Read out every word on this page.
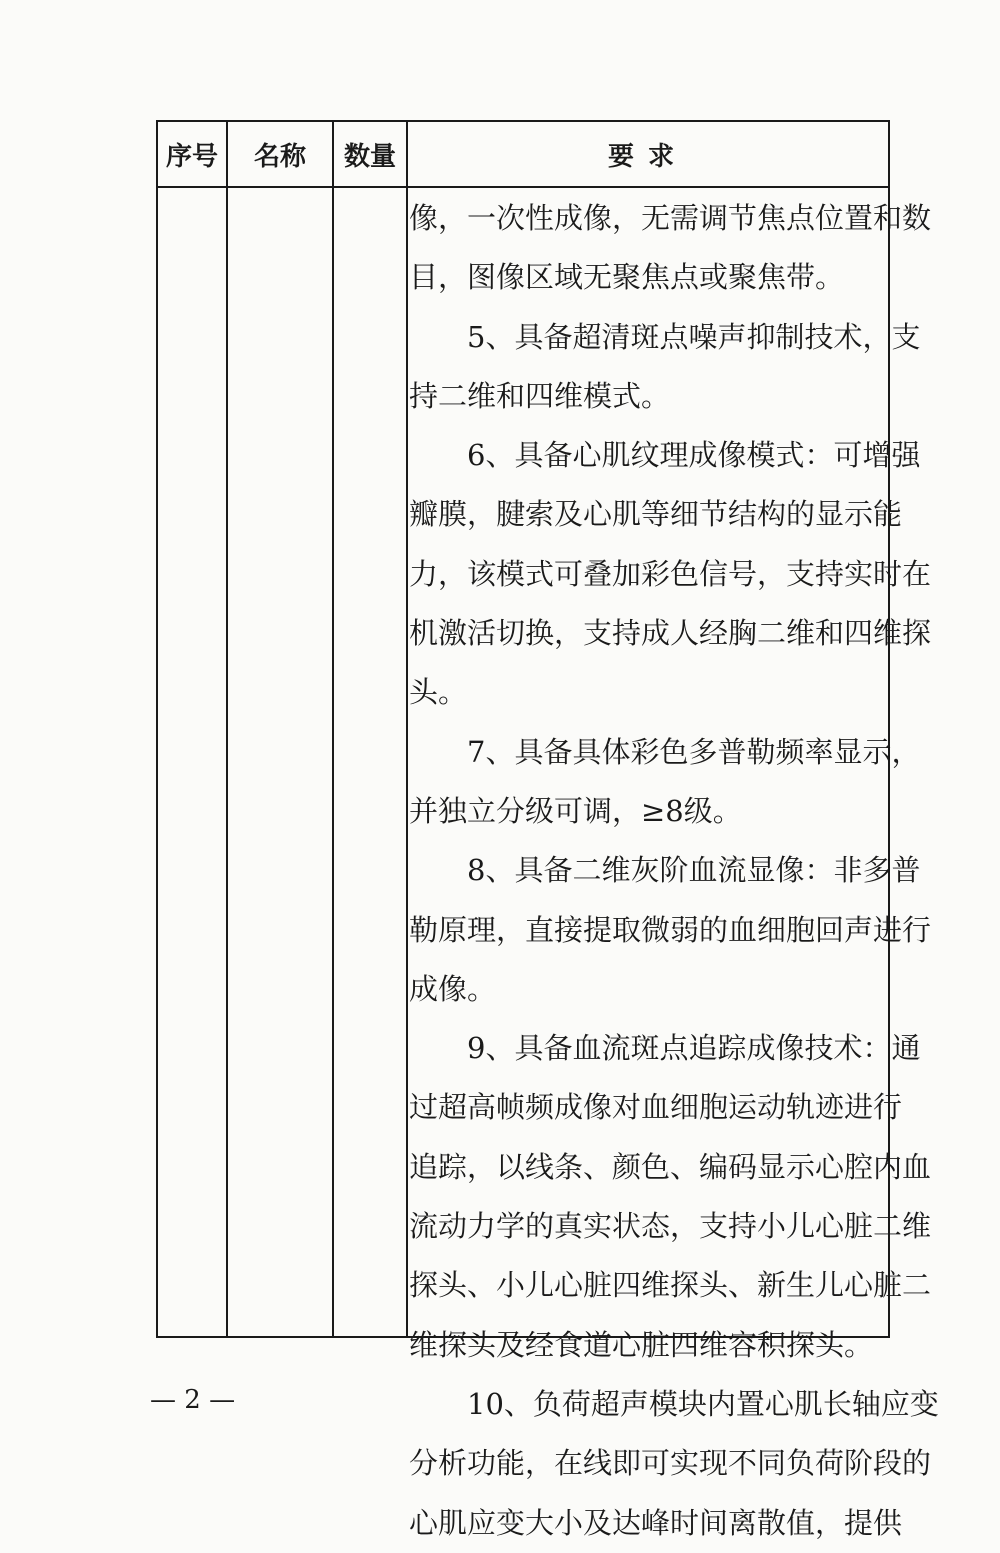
序号	名称	数量	要求
像，一次性成像，无需调节焦点位置和数
目，图像区域无聚焦点或聚焦带。
5、具备超清斑点噪声抑制技术，支
持二维和四维模式。
6、具备心肌纹理成像模式：可增强
瓣膜，腱索及心肌等细节结构的显示能
力，该模式可叠加彩色信号，支持实时在
机激活切换，支持成人经胸二维和四维探
头。
7、具备具体彩色多普勒频率显示，
并独立分级可调，≥8级。
8、具备二维灰阶血流显像：非多普
勒原理，直接提取微弱的血细胞回声进行
成像。
9、具备血流斑点追踪成像技术：通
过超高帧频成像对血细胞运动轨迹进行
追踪，以线条、颜色、编码显示心腔内血
流动力学的真实状态，支持小儿心脏二维
探头、小儿心脏四维探头、新生儿心脏二
维探头及经食道心脏四维容积探头。
10、负荷超声模块内置心肌长轴应变
分析功能，在线即可实现不同负荷阶段的
心肌应变大小及达峰时间离散值，提供
— 2 —
